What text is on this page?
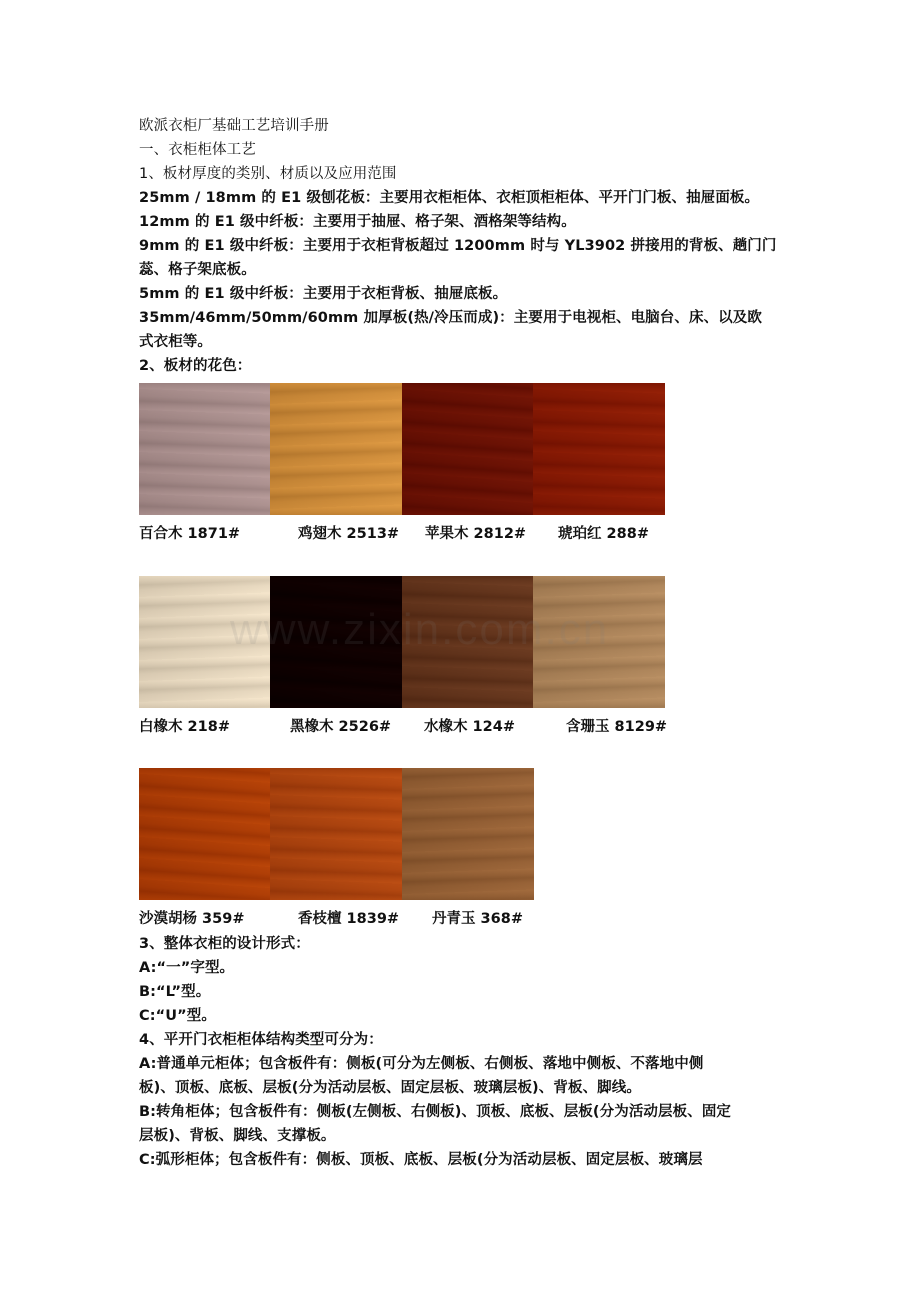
欧派衣柜厂基础工艺培训手册
一、衣柜柜体工艺
1、板材厚度的类别、材质以及应用范围
25mm / 18mm 的 E1 级刨花板：主要用衣柜柜体、衣柜顶柜柜体、平开门门板、抽屉面板。
12mm 的 E1 级中纤板：主要用于抽屉、格子架、酒格架等结构。
9mm 的 E1 级中纤板：主要用于衣柜背板超过 1200mm 时与 YL3902 拼接用的背板、趟门门
蕊、格子架底板。
5mm 的 E1 级中纤板：主要用于衣柜背板、抽屉底板。
35mm/46mm/50mm/60mm 加厚板(热/冷压而成)：主要用于电视柜、电脑台、床、以及欧
式衣柜等。
2、板材的花色：
百合木 1871#	鸡翅木 2513# 苹果木 2812# 琥珀红 288#
白橡木 218#	黑橡木 2526# 水橡木 124#	含珊玉 8129#
沙漠胡杨 359#	香枝檀 1839# 丹青玉 368#
3、整体衣柜的设计形式：
A:“一”字型。
B:“L”型。
C:“U”型。
4、平开门衣柜柜体结构类型可分为：
A:普通单元柜体；包含板件有：侧板(可分为左侧板、右侧板、落地中侧板、不落地中侧
板)、顶板、底板、层板(分为活动层板、固定层板、玻璃层板)、背板、脚线。
B:转角柜体；包含板件有：侧板(左侧板、右侧板)、顶板、底板、层板(分为活动层板、固定
层板)、背板、脚线、支撑板。
C:弧形柜体；包含板件有：侧板、顶板、底板、层板(分为活动层板、固定层板、玻璃层
www.zixin.com.cn
